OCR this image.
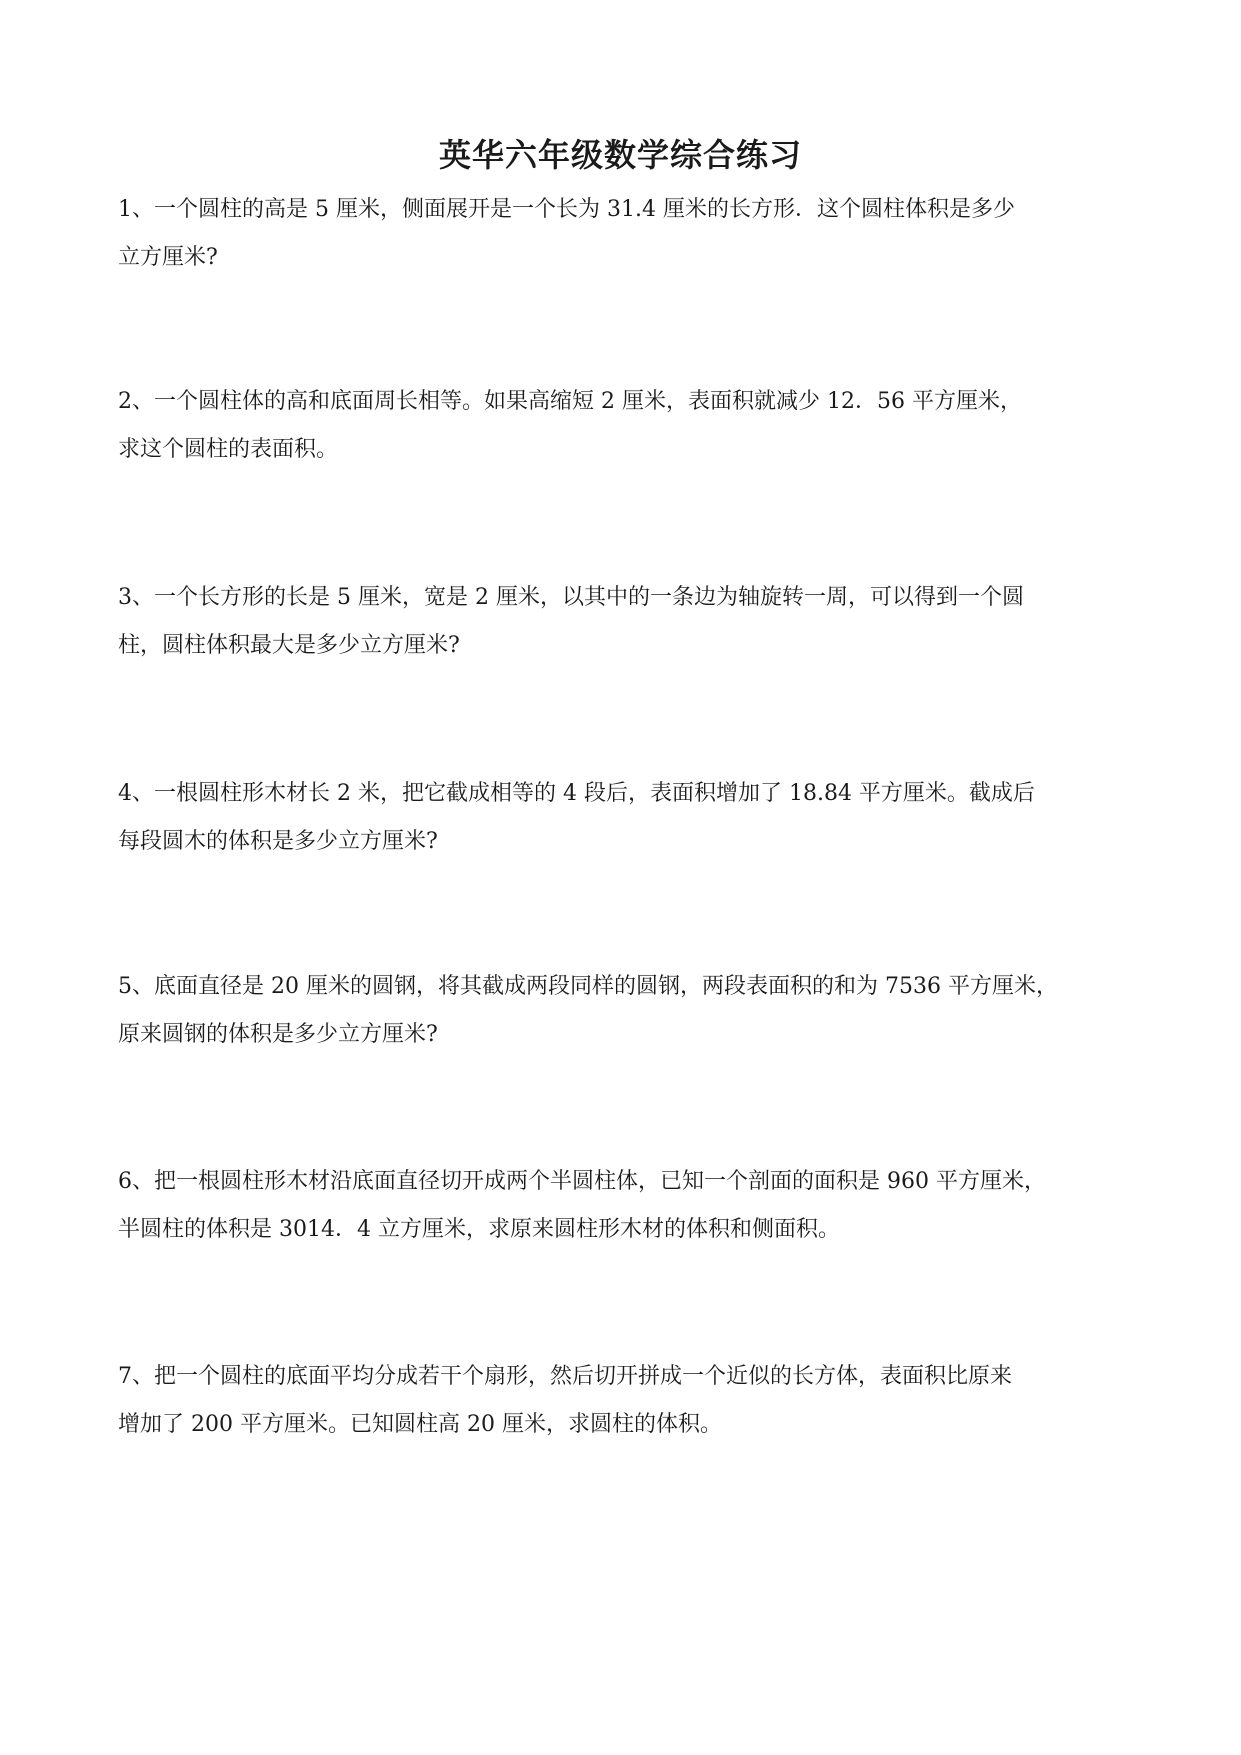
英华六年级数学综合练习
1、一个圆柱的高是 5 厘米，侧面展开是一个长为 31.4 厘米的长方形．这个圆柱体积是多少
立方厘米?
2、一个圆柱体的高和底面周长相等。如果高缩短 2 厘米，表面积就减少 12．56 平方厘米，
求这个圆柱的表面积。
3、一个长方形的长是 5 厘米，宽是 2 厘米，以其中的一条边为轴旋转一周，可以得到一个圆
柱，圆柱体积最大是多少立方厘米?
4、一根圆柱形木材长 2 米，把它截成相等的 4 段后，表面积增加了 18.84 平方厘米。截成后
每段圆木的体积是多少立方厘米?
5、底面直径是 20 厘米的圆钢，将其截成两段同样的圆钢，两段表面积的和为 7536 平方厘米，
原来圆钢的体积是多少立方厘米?
6、把一根圆柱形木材沿底面直径切开成两个半圆柱体，已知一个剖面的面积是 960 平方厘米，
半圆柱的体积是 3014．4 立方厘米，求原来圆柱形木材的体积和侧面积。
7、把一个圆柱的底面平均分成若干个扇形，然后切开拼成一个近似的长方体，表面积比原来
增加了 200 平方厘米。已知圆柱高 20 厘米，求圆柱的体积。
